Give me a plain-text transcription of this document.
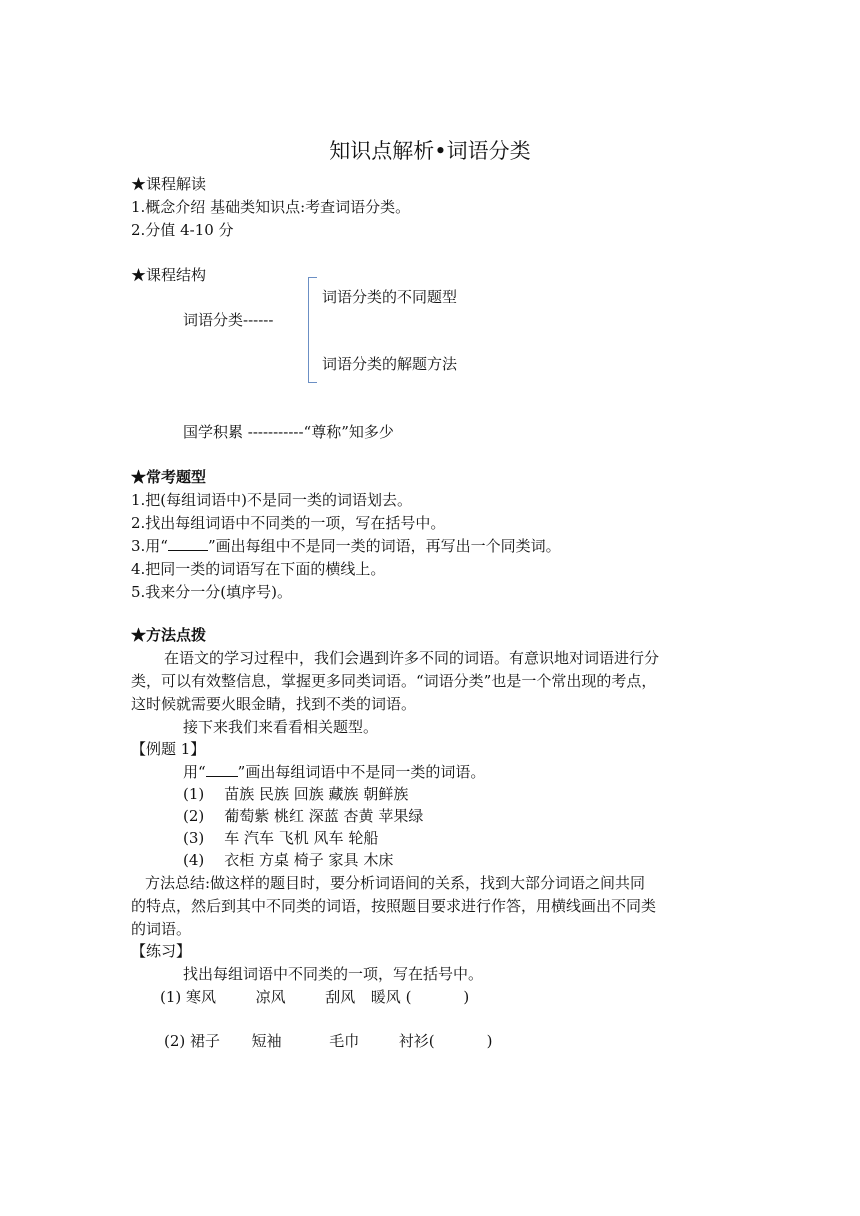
知识点解析•词语分类
★课程解读
1.概念介绍 基础类知识点:考查词语分类。
2.分值 4-10 分
★课程结构
词语分类------
词语分类的不同题型
词语分类的解题方法
国学积累 -----------“尊称”知多少
★常考题型
1.把(每组词语中)不是同一类的词语划去。
2.找出每组词语中不同类的一项，写在括号中。
3.用“	”画出每组中不是同一类的词语，再写出一个同类词。
4.把同一类的词语写在下面的横线上。
5.我来分一分(填序号)。
★方法点拨
在语文的学习过程中，我们会遇到许多不同的词语。有意识地对词语进行分
类，可以有效整信息，掌握更多同类词语。“词语分类”也是一个常出现的考点，
这时候就需要火眼金睛，找到不类的词语。
接下来我们来看看相关题型。
【例题 1】
用“ ”画出每组词语中不是同一类的词语。
(1) 苗族 民族 回族 藏族 朝鲜族
(2) 葡萄紫 桃红 深蓝 杏黄 苹果绿
(3) 车 汽车 飞机 风车 轮船
(4) 衣柜 方桌 椅子 家具 木床
方法总结:做这样的题目时，要分析词语间的关系，找到大部分词语之间共同
的特点，然后到其中不同类的词语，按照题目要求进行作答，用横线画出不同类
的词语。
【练习】
找出每组词语中不同类的一项，写在括号中。
(1) 寒风	凉风	刮风 暖风 (	)
(2) 裙子 短袖	毛巾	衬衫(	)
